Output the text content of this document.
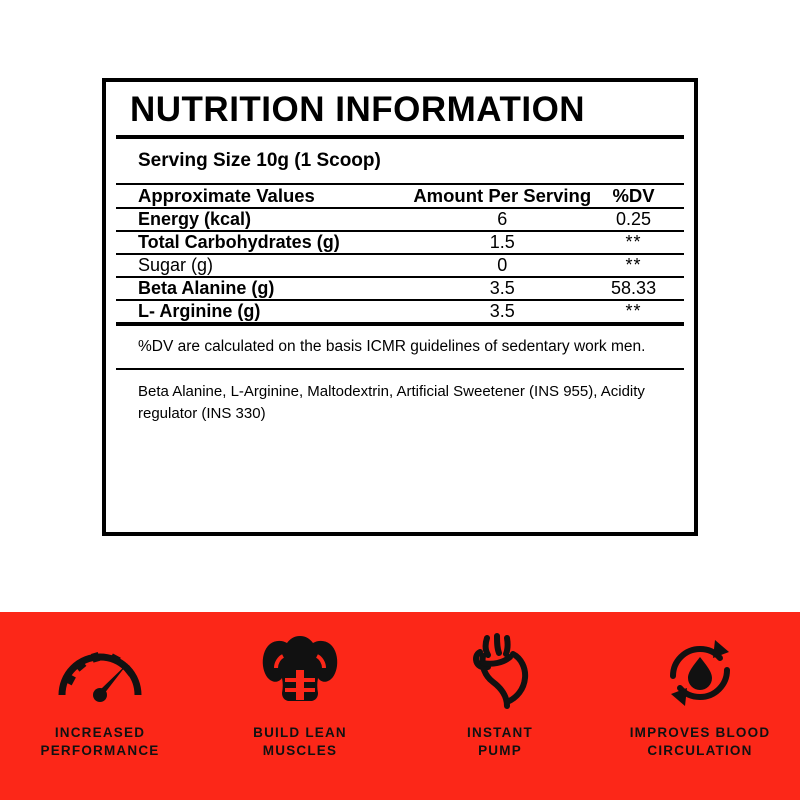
NUTRITION INFORMATION
Serving Size 10g (1 Scoop)
Approximate Values	Amount Per Serving	%DV
Energy (kcal)	6	0.25
Total Carbohydrates (g)	1.5	**
Sugar (g)	0	**
Beta Alanine (g)	3.5	58.33
L- Arginine (g)	3.5	**
%DV are calculated on the basis ICMR guidelines of sedentary work men.
Beta Alanine, L-Arginine, Maltodextrin, Artificial Sweetener (INS 955), Acidity regulator (INS 330)
INCREASED
PERFORMANCE
BUILD LEAN
MUSCLES
INSTANT
PUMP
IMPROVES BLOOD
CIRCULATION
